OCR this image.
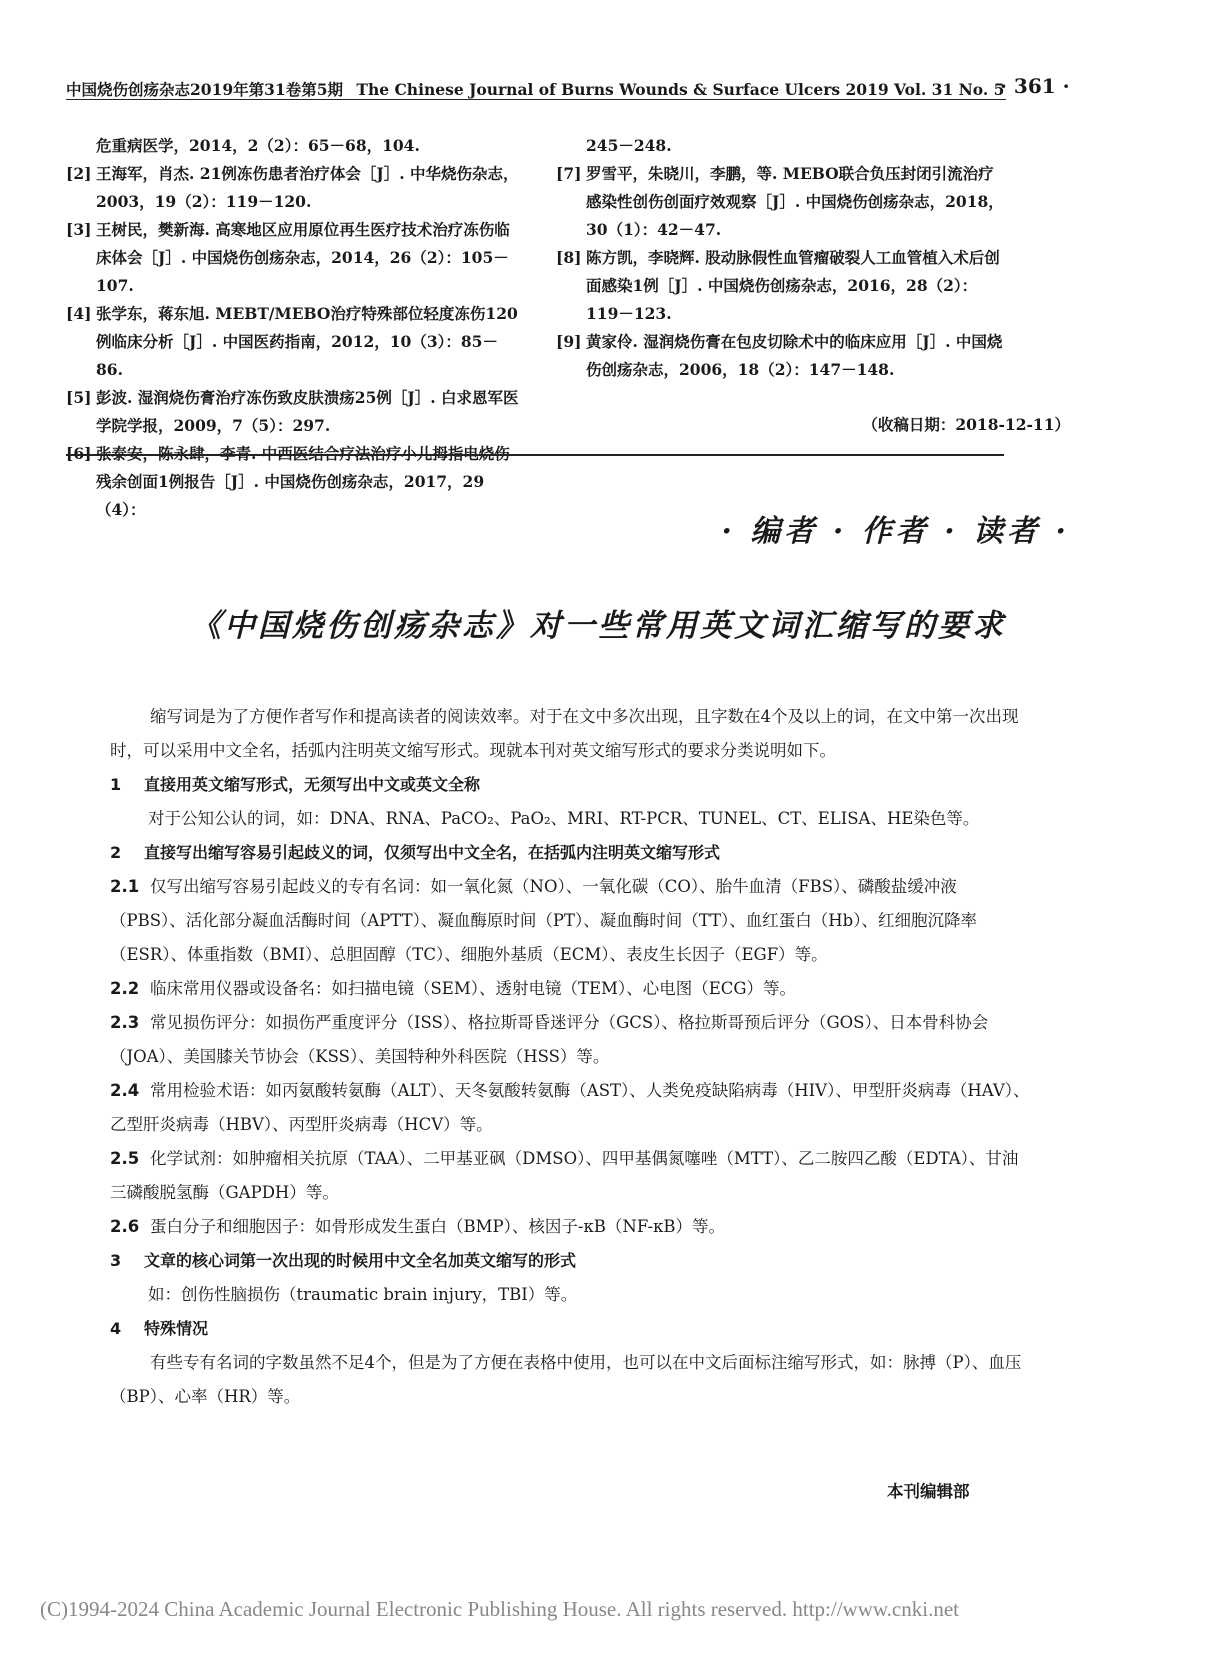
中国烧伤创疡杂志2019年第31卷第5期 The Chinese Journal of Burns Wounds & Surface Ulcers 2019 Vol. 31 No. 5
· 361 ·
危重病医学，2014，2（2）：65－68，104.
[2] 王海军，肖杰. 21例冻伤患者治疗体会［J］. 中华烧伤杂志，2003，19（2）：119－120.
[3] 王树民，樊新海. 高寒地区应用原位再生医疗技术治疗冻伤临床体会［J］. 中国烧伤创疡杂志，2014，26（2）：105－107.
[4] 张学东，蒋东旭. MEBT/MEBO治疗特殊部位轻度冻伤120例临床分析［J］. 中国医药指南，2012，10（3）：85－86.
[5] 彭波. 湿润烧伤膏治疗冻伤致皮肤溃疡25例［J］. 白求恩军医学院学报，2009，7（5）：297.
残余创面1例报告［J］. 中国烧伤创疡杂志，2017，29（4）：
245－248.
[7] 罗雪平，朱晓川，李鹏，等. MEBO联合负压封闭引流治疗感染性创伤创面疗效观察［J］. 中国烧伤创疡杂志，2018，30（1）：42－47.
[8] 陈方凯，李晓辉. 股动脉假性血管瘤破裂人工血管植入术后创面感染1例［J］. 中国烧伤创疡杂志，2016，28（2）：119－123.
[9] 黄家伶. 湿润烧伤膏在包皮切除术中的临床应用［J］. 中国烧伤创疡杂志，2006，18（2）：147－148.
（收稿日期：2018-12-11）
· 编者 · 作者 · 读者 ·
《中国烧伤创疡杂志》对一些常用英文词汇缩写的要求

缩写词是为了方便作者写作和提高读者的阅读效率。对于在文中多次出现，且字数在4个及以上的词，在文中第一次出现时，可以采用中文全名，括弧内注明英文缩写形式。现就本刊对英文缩写形式的要求分类说明如下。

1 直接用英文缩写形式，无须写出中文或英文全称

对于公知公认的词，如：DNA、RNA、PaCO₂、PaO₂、MRI、RT-PCR、TUNEL、CT、ELISA、HE染色等。

2 直接写出缩写容易引起歧义的词，仅须写出中文全名，在括弧内注明英文缩写形式

2.1 仅写出缩写容易引起歧义的专有名词：如一氧化氮（NO）、一氧化碳（CO）、胎牛血清（FBS）、磷酸盐缓冲液（PBS）、活化部分凝血活酶时间（APTT）、凝血酶原时间（PT）、凝血酶时间（TT）、血红蛋白（Hb）、红细胞沉降率（ESR）、体重指数（BMI）、总胆固醇（TC）、细胞外基质（ECM）、表皮生长因子（EGF）等。

2.2 临床常用仪器或设备名：如扫描电镜（SEM）、透射电镜（TEM）、心电图（ECG）等。

2.3 常见损伤评分：如损伤严重度评分（ISS）、格拉斯哥昏迷评分（GCS）、格拉斯哥预后评分（GOS）、日本骨科协会（JOA）、美国膝关节协会（KSS）、美国特种外科医院（HSS）等。

2.4 常用检验术语：如丙氨酸转氨酶（ALT）、天冬氨酸转氨酶（AST）、人类免疫缺陷病毒（HIV）、甲型肝炎病毒（HAV）、乙型肝炎病毒（HBV）、丙型肝炎病毒（HCV）等。

2.5 化学试剂：如肿瘤相关抗原（TAA）、二甲基亚砜（DMSO）、四甲基偶氮噻唑（MTT）、乙二胺四乙酸（EDTA）、甘油三磷酸脱氢酶（GAPDH）等。

2.6 蛋白分子和细胞因子：如骨形成发生蛋白（BMP）、核因子-κB（NF-κB）等。

3 文章的核心词第一次出现的时候用中文全名加英文缩写的形式

如：创伤性脑损伤（traumatic brain injury，TBI）等。

4 特殊情况

有些专有名词的字数虽然不足4个，但是为了方便在表格中使用，也可以在中文后面标注缩写形式，如：脉搏（P）、血压（BP）、心率（HR）等。

本刊编辑部
(C)1994-2024 China Academic Journal Electronic Publishing House. All rights reserved. http://www.cnki.net
